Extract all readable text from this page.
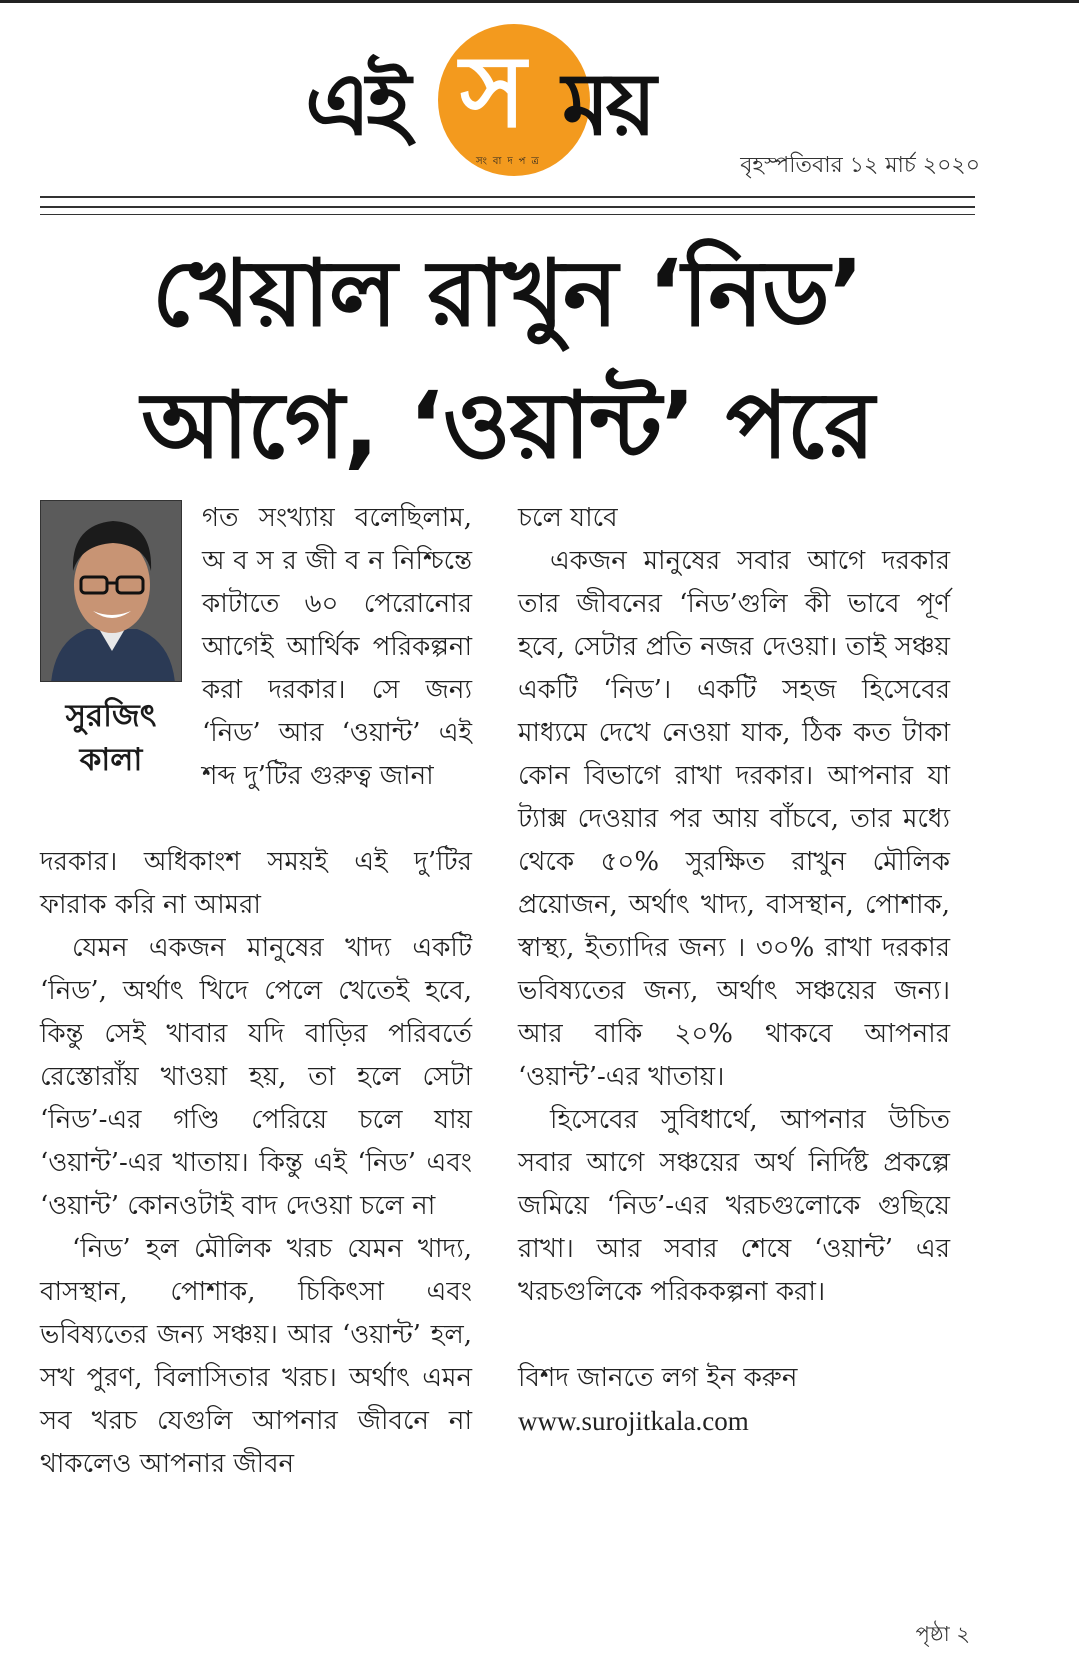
এই স ময়
সংবাদপত্র	বৃহস্পতিবার ১২ মার্চ ২০২০
খেয়াল রাখুন ‘নিড’
আগে, ‘ওয়ান্ট’ পরে
সুরজিৎ
কালা

গত সংখ্যায় বলেছিলাম, অ ব স র জী ব ন নিশ্চিন্তে কাটাতে ৬০ পেরোনোর আগেই আর্থিক পরিকল্পনা করা দরকার। সে জন্য ‘নিড’ আর ‘ওয়ান্ট’ এই শব্দ দু’টির গুরুত্ব জানা

দরকার। অধিকাংশ সময়ই এই দু’টির ফারাক করি না আমরা

যেমন একজন মানুষের খাদ্য একটি ‘নিড’, অর্থাৎ খিদে পেলে খেতেই হবে, কিন্তু সেই খাবার যদি বাড়ির পরিবর্তে রেস্তোরাঁয় খাওয়া হয়, তা হলে সেটা ‘নিড’-এর গণ্ডি পেরিয়ে চলে যায় ‘ওয়ান্ট’-এর খাতায়। কিন্তু এই ‘নিড’ এবং ‘ওয়ান্ট’ কোনওটাই বাদ দেওয়া চলে না

‘নিড’ হল মৌলিক খরচ যেমন খাদ্য, বাসস্থান, পোশাক, চিকিৎসা এবং ভবিষ্যতের জন্য সঞ্চয়। আর ‘ওয়ান্ট’ হল, সখ পুরণ, বিলাসিতার খরচ। অর্থাৎ এমন সব খরচ যেগুলি আপনার জীবনে না থাকলেও আপনার জীবন

চলে যাবে

একজন মানুষের সবার আগে দরকার তার জীবনের ‘নিড’গুলি কী ভাবে পূর্ণ হবে, সেটার প্রতি নজর দেওয়া। তাই সঞ্চয় একটি ‘নিড’। একটি সহজ হিসেবের মাধ্যমে দেখে নেওয়া যাক, ঠিক কত টাকা কোন বিভাগে রাখা দরকার। আপনার যা ট্যাক্স দেওয়ার পর আয় বাঁচবে, তার মধ্যে থেকে ৫০% সুরক্ষিত রাখুন মৌলিক প্রয়োজন, অর্থাৎ খাদ্য, বাসস্থান, পোশাক, স্বাস্থ্য, ইত্যাদির জন্য । ৩০% রাখা দরকার ভবিষ্যতের জন্য, অর্থাৎ সঞ্চয়ের জন্য। আর বাকি ২০% থাকবে আপনার ‘ওয়ান্ট’-এর খাতায়।

হিসেবের সুবিধার্থে, আপনার উচিত সবার আগে সঞ্চয়ের অর্থ নির্দিষ্ট প্রকল্পে জমিয়ে ‘নিড’-এর খরচগুলোকে গুছিয়ে রাখা। আর সবার শেষে ‘ওয়ান্ট’ এর খরচগুলিকে পরিককল্পনা করা।

বিশদ জানতে লগ ইন করুন

www.surojitkala.com

পৃষ্ঠা ২
